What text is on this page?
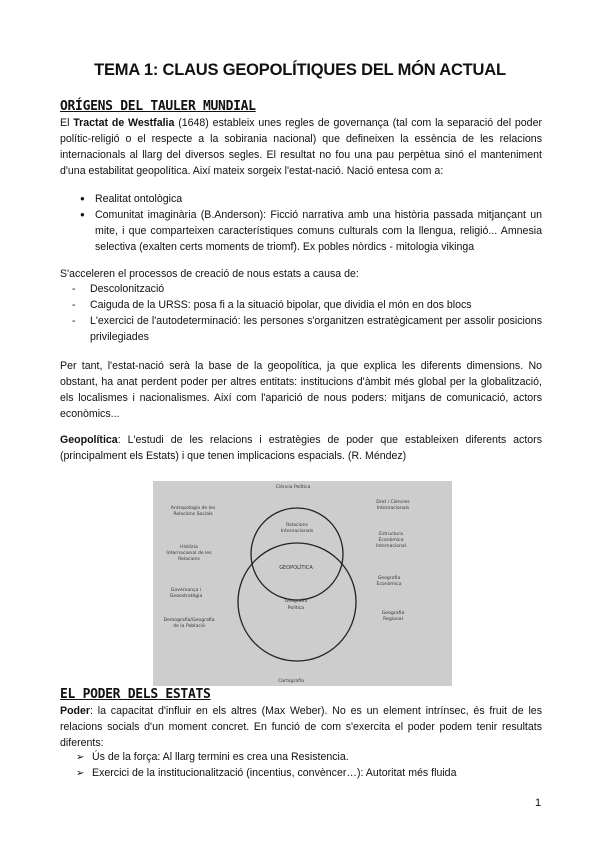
TEMA 1: CLAUS GEOPOLÍTIQUES DEL MÓN ACTUAL
ORÍGENS DEL TAULER MUNDIAL
El Tractat de Westfalia (1648) estableix unes regles de governança (tal com la separació del poder polític-religió o el respecte a la sobirania nacional) que defineixen la essència de les relacions internacionals al llarg del diversos segles. El resultat no fou una pau perpètua sinó el manteniment d'una estabilitat geopolítica. Així mateix sorgeix l'estat-nació. Nació entesa com a:
● Realitat ontològica
● Comunitat imaginària (B.Anderson): Ficció narrativa amb una història passada mitjançant un mite, i que comparteixen característiques comuns culturals com la llengua, religió... Amnesia selectiva (exalten certs moments de triomf). Ex pobles nòrdics - mitologia vikinga
S'acceleren el processos de creació de nous estats a causa de:
- Descolonització
- Caiguda de la URSS: posa fi a la situació bipolar, que dividia el món en dos blocs
- L'exercici de l'autodeterminació: les persones s'organitzen estratègicament per assolir posicions privilegiades
Per tant, l'estat-nació serà la base de la geopolítica, ja que explica les diferents dimensions. No obstant, ha anat perdent poder per altres entitats: institucions d'àmbit més global per la globalització, els localismes i nacionalismes. Així com l'aparició de nous poders: mitjans de comunicació, actors econòmics...
Geopolítica: L'estudi de les relacions i estratègies de poder que estableixen diferents actors (principalment els Estats) i que tenen implicacions espacials. (R. Méndez)
Ciència Política
Cartografia
Relacions
Internacionals
GEOPOLÍTICA
Geografia
Política
Antropologia de les
Relacions Socials
Història
Internacional de les
Relacions
Governança i
Geoestratègia
Demografia/Geografia
de la Població
Dret i Ciències
Internacionals
Estructura
Econòmica
Internacional
Geografia
Econòmica
Geografia
Regional
EL PODER DELS ESTATS
Poder: la capacitat d'influir en els altres (Max Weber). No es un element intrínsec, és fruit de les relacions socials d'un moment concret. En funció de com s'exercita el poder podem tenir resultats diferents:
➢ Ús de la força: Al llarg termini es crea una Resistencia.
➢ Exercici de la institucionalització (incentius, convèncer…): Autoritat més fluida
1
